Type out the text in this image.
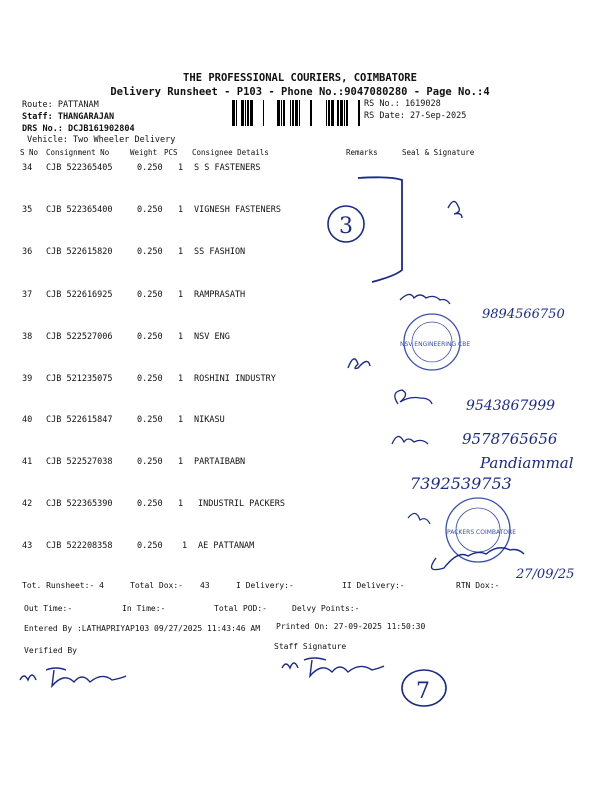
THE PROFESSIONAL COURIERS, COIMBATORE
Delivery Runsheet - P103 - Phone No.:9047080280 - Page No.:4
Route: PATTANAM
Staff: THANGARAJAN
DRS No.: DCJB161902804
Vehicle: Two Wheeler Delivery
RS No.: 1619028
RS Date: 27-Sep-2025
S No Consignment No	Weight PCS Consignee Details	Remarks	Seal & Signature
34 CJB 522365405	0.250 1 S S FASTENERS
35 CJB 522365400	0.250 1 VIGNESH FASTENERS
36 CJB 522615820	0.250 1 SS FASHION
37 CJB 522616925	0.250 1 RAMPRASATH
38 CJB 522527006	0.250 1 NSV ENG
39 CJB 521235075	0.250 1 ROSHINI INDUSTRY
40 CJB 522615847	0.250 1 NIKASU
41 CJB 522527038	0.250 1 PARTAIBABN
42 CJB 522365390	0.250 1 INDUSTRIL PACKERS
43 CJB 522208358	0.250 1 AE PATTANAM
Tot. Runsheet:- 4	Total Dox:- 43	I Delivery:-	II Delivery:-	RTN Dox:-
Out Time:-	In Time:-	Total POD:-	Delvy Points:-
Entered By :LATHAPRIYAP103 09/27/2025 11:43:46 AM Printed On: 27-09-2025 11:50:30
Verified By	Staff Signature
3
9894566750
NSV ENGINEERING CBE
9543867999
9578765656
Pandiammal
7392539753
PACKERS COIMBATORE
27/09/25
7
